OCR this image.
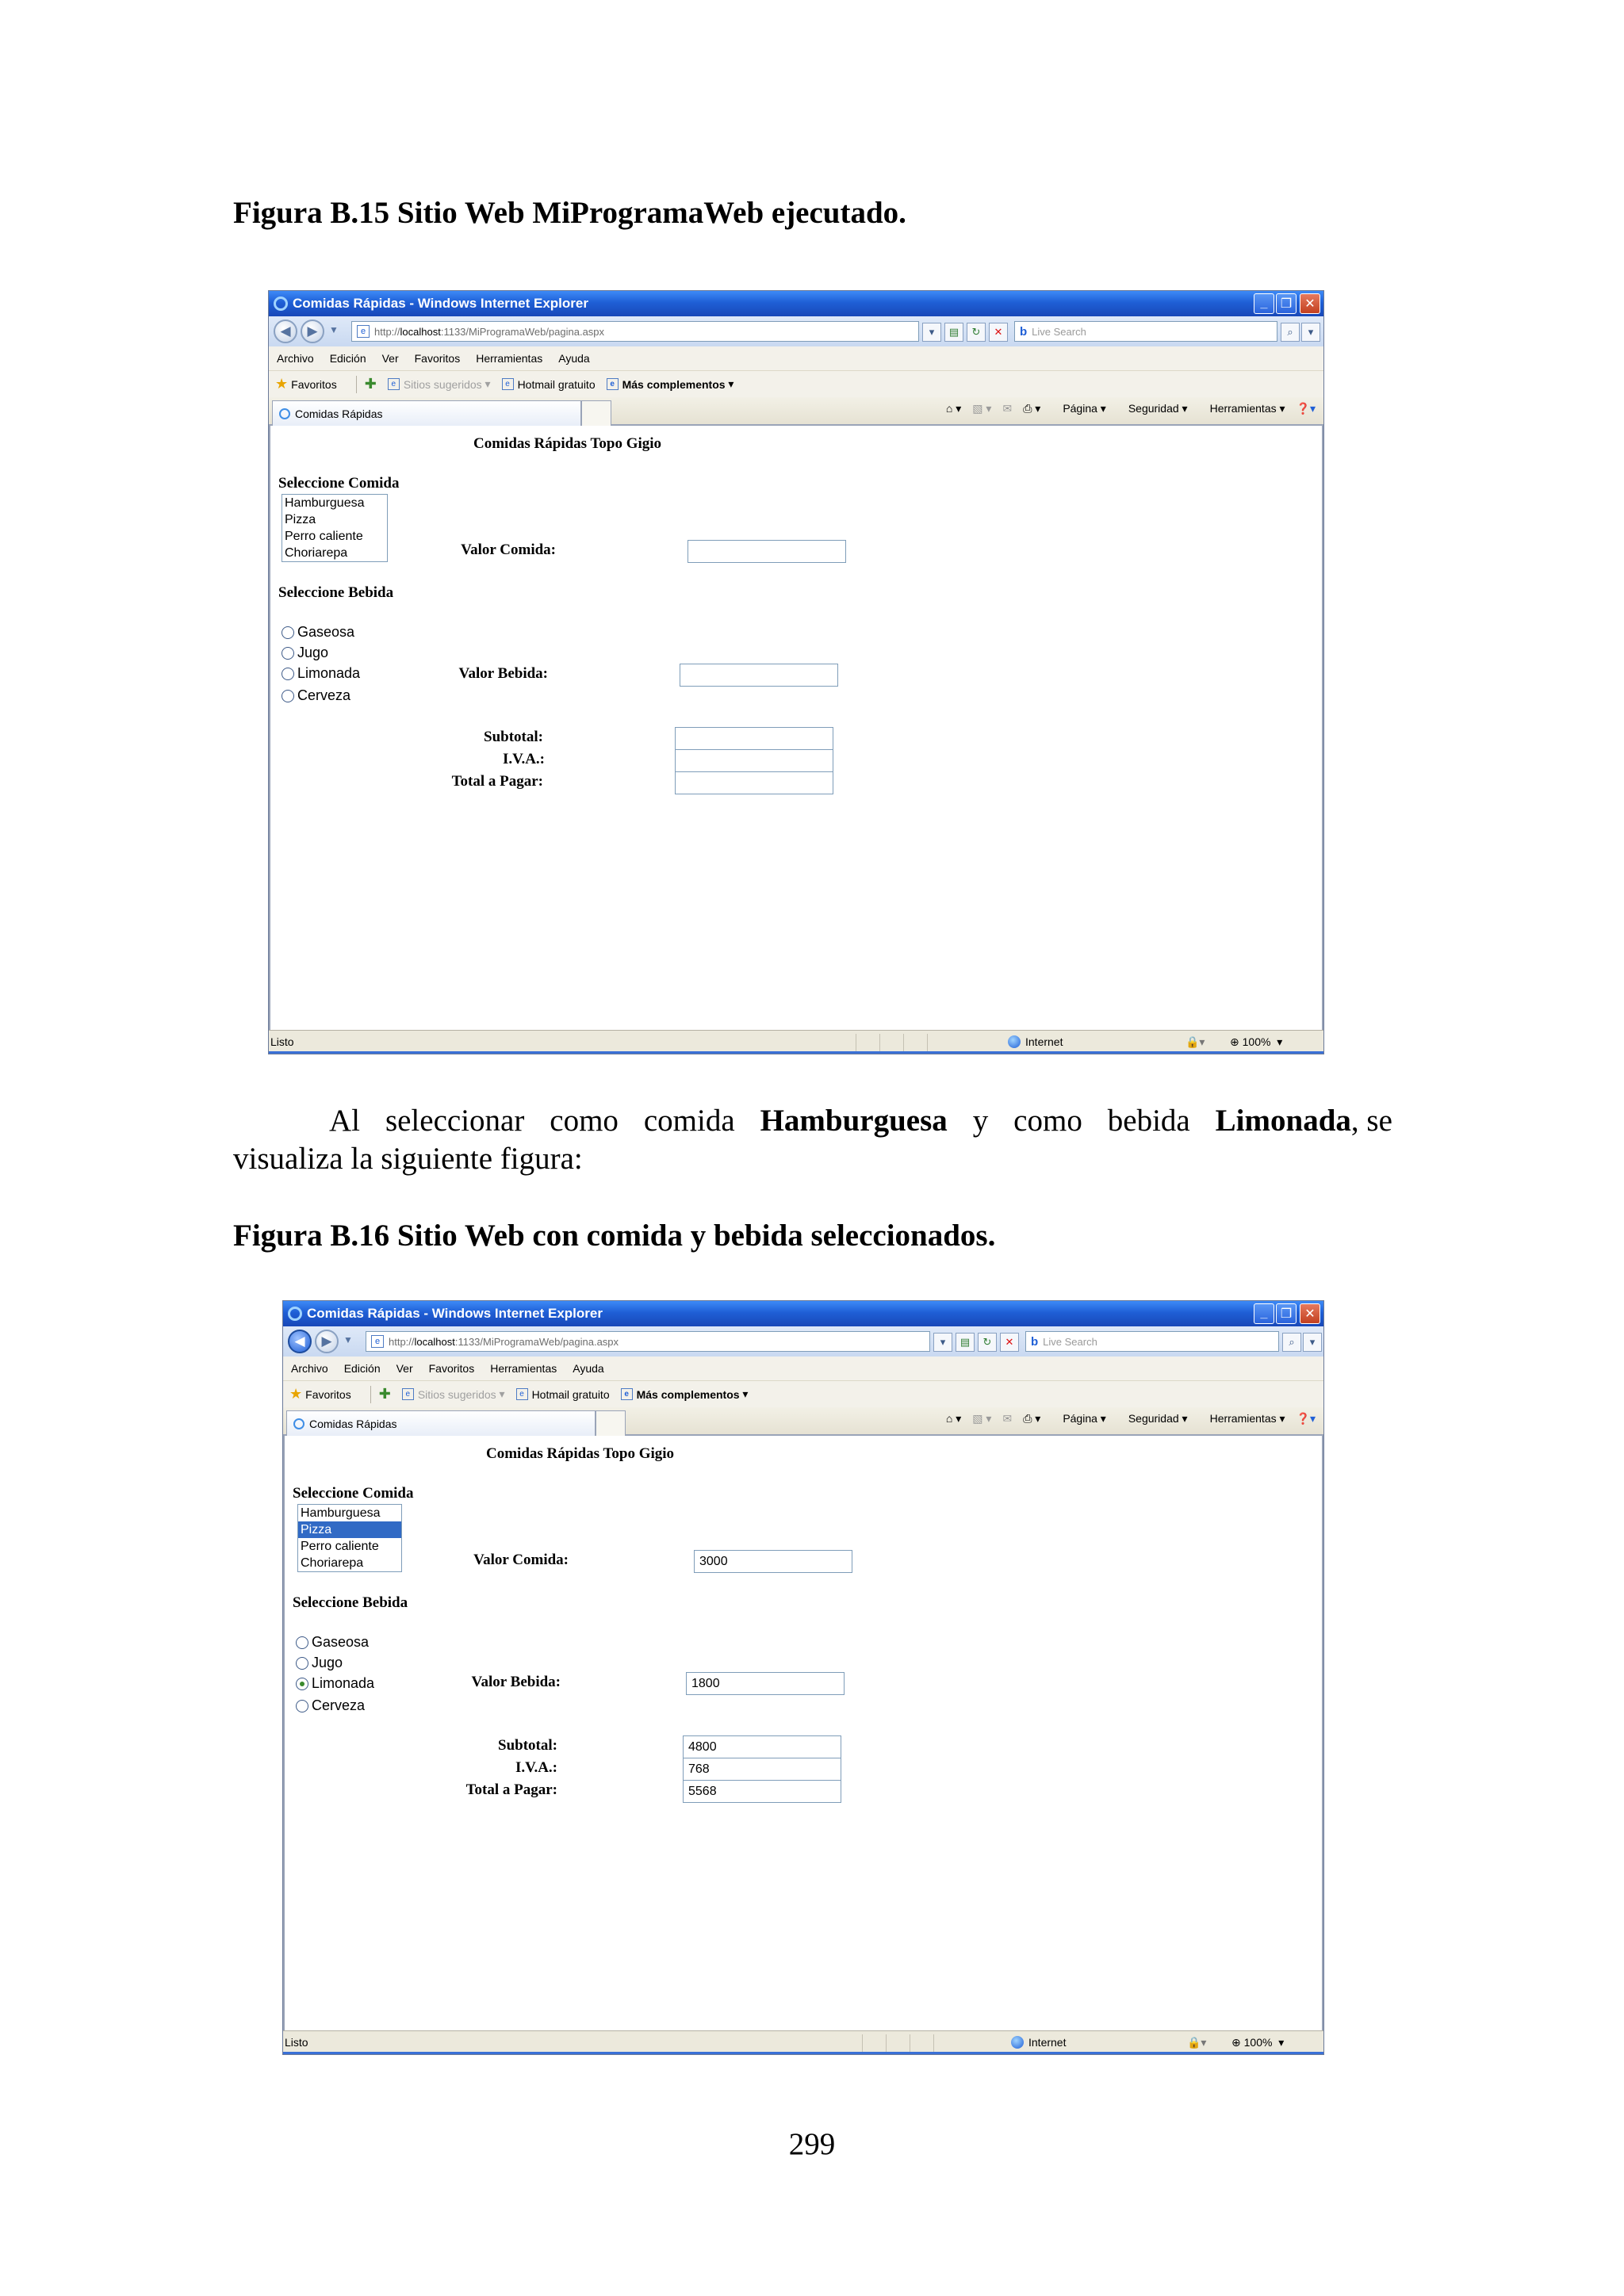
Figura B.15 Sitio Web MiProgramaWeb ejecutado.
Comidas Rápidas - Windows Internet Explorer	_	❐	✕
◀	▶	▼	e http:// localhost :1133/MiProgramaWeb/pagina.aspx	▾	▤	↻	✕	b Live Search	⌕	▾
Archivo Edición Ver Favoritos Herramientas Ayuda
★ Favoritos ✚	e Sitios sugeridos ▾	e Hotmail gratuito	e Más complementos ▾
Comidas Rápidas	⌂ ▾ ▧ ▾ ✉ ⎙ ▾	Página ▾	Seguridad ▾	Herramientas ▾ ❓▾
Comidas Rápidas Topo Gigio
Seleccione Comida
Hamburguesa
Pizza
Perro caliente
Choriarepa
Seleccione Bebida
Gaseosa
Jugo
Limonada
Cerveza
Valor Comida:
Valor Bebida:
Subtotal:
I.V.A.:
Total a Pagar:
Listo	Internet	🔒▾ ⊕ 100%  ▾
Al seleccionar como comida Hamburguesa y como bebida Limonada, se
visualiza la siguiente figura:
Figura B.16 Sitio Web con comida y bebida seleccionados.
Comidas Rápidas - Windows Internet Explorer	_	❐	✕
◀	▶	▼	e http:// localhost :1133/MiProgramaWeb/pagina.aspx	▾	▤	↻	✕	b Live Search	⌕	▾
Archivo Edición Ver Favoritos Herramientas Ayuda
★ Favoritos ✚	e Sitios sugeridos ▾	e Hotmail gratuito	e Más complementos ▾
Comidas Rápidas	⌂ ▾ ▧ ▾ ✉ ⎙ ▾	Página ▾	Seguridad ▾	Herramientas ▾ ❓▾
Comidas Rápidas Topo Gigio
Seleccione Comida
Hamburguesa
Pizza
Perro caliente
Choriarepa
Seleccione Bebida
Gaseosa
Jugo
Limonada
Cerveza
Valor Comida:	3000
Valor Bebida:	1800
Subtotal:	4800
I.V.A.:	768
Total a Pagar:	5568
Listo	Internet	🔒▾ ⊕ 100%  ▾
299
